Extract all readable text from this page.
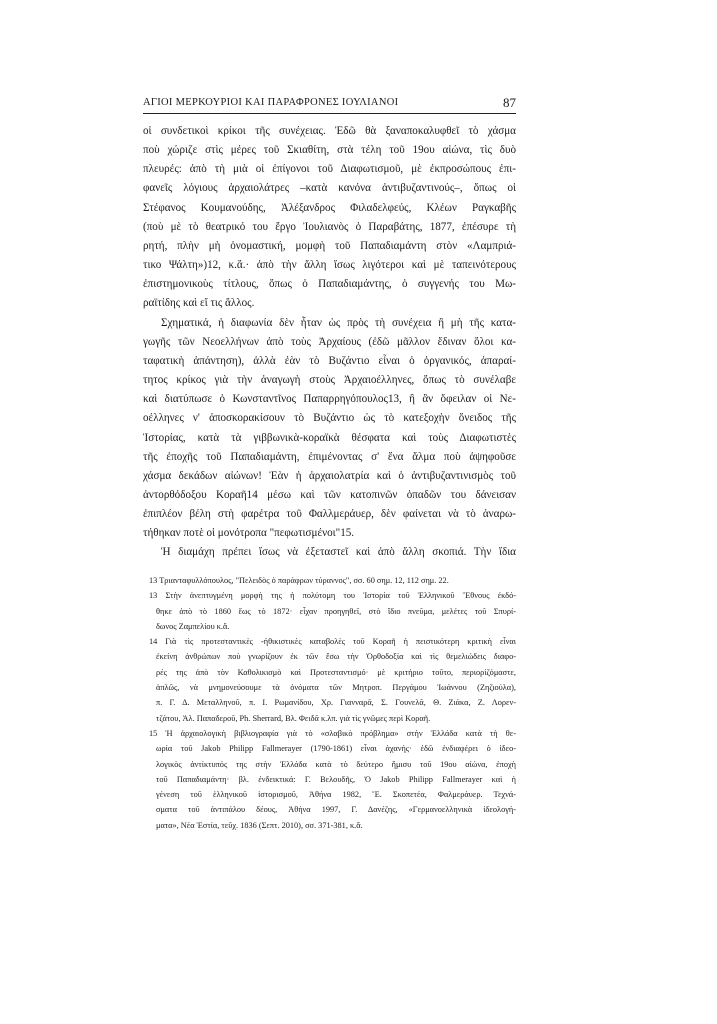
ΑΓΙΟΙ ΜΕΡΚΟΥΡΙΟΙ ΚΑΙ ΠΑΡΑΦΡΟΝΕΣ ΙΟΥΛΙΑΝΟΙ	87
οἱ συνδετικοὶ κρίκοι τῆς συνέχειας. Ἐδῶ θὰ ξαναποκαλυφθεῖ τὸ χάσμα
ποὺ χώριζε στὶς μέρες τοῦ Σκιαθίτη, στὰ τέλη τοῦ 19ου αἰώνα, τὶς δυὸ
πλευρές: ἀπὸ τὴ μιὰ οἱ ἐπίγονοι τοῦ Διαφωτισμοῦ, μὲ ἐκπροσώπους ἐπι-
φανεῖς λόγιους ἀρχαιολάτρες –κατὰ κανόνα ἀντιβυζαντινούς–, ὅπως οἱ
Στέφανος Κουμανούδης, Ἀλέξανδρος Φιλαδελφεύς, Κλέων Ραγκαβῆς
(ποὺ μὲ τὸ θεατρικό του ἔργο Ἰουλιανὸς ὁ Παραβάτης, 1877, ἐπέσυρε τὴ
ρητή, πλὴν μὴ ὀνομαστική, μομφὴ τοῦ Παπαδιαμάντη στὸν «Λαμπριά-
τικο Ψάλτη»)12, κ.ἄ.· ἀπὸ τὴν ἄλλη ἴσως λιγότεροι καὶ μὲ ταπεινότερους
ἐπιστημονικοὺς τίτλους, ὅπως ὁ Παπαδιαμάντης, ὁ συγγενής του Μω-
ραϊτίδης καὶ εἴ τις ἄλλος.
Σχηματικά, ἡ διαφωνία δὲν ἦταν ὡς πρὸς τὴ συνέχεια ἢ μὴ τῆς κατα-
γωγῆς τῶν Νεοελλήνων ἀπὸ τοὺς Ἀρχαίους (ἐδῶ μᾶλλον ἔδιναν ὅλοι κα-
ταφατικὴ ἀπάντηση), ἀλλὰ ἐὰν τὸ Βυζάντιο εἶναι ὁ ὀργανικός, ἀπαραί-
τητος κρίκος γιὰ τὴν ἀναγωγὴ στοὺς Ἀρχαιοέλληνες, ὅπως τὸ συνέλαβε
καὶ διατύπωσε ὁ Κωνσταντῖνος Παπαρρηγόπουλος13, ἢ ἂν ὄφειλαν οἱ Νε-
οέλληνες ν' ἀποσκορακίσουν τὸ Βυζάντιο ὡς τὸ κατεξοχὴν ὄνειδος τῆς
Ἱστορίας, κατὰ τὰ γιββωνικὰ-κοραϊκὰ θέσφατα καὶ τοὺς Διαφωτιστὲς
τῆς ἐποχῆς τοῦ Παπαδιαμάντη, ἐπιμένοντας σ' ἕνα ἅλμα ποὺ ἀψηφοῦσε
χάσμα δεκάδων αἰώνων! Ἐὰν ἡ ἀρχαιολατρία καὶ ὁ ἀντιβυζαντινισμὸς τοῦ
ἀντορθόδοξου Κοραῆ14 μέσω καὶ τῶν κατοπινῶν ὀπαδῶν του δάνεισαν
ἐπιπλέον βέλη στὴ φαρέτρα τοῦ Φαλλμεράυερ, δὲν φαίνεται νὰ τὸ ἀναρω-
τήθηκαν ποτὲ οἱ μονότροπα "πεφωτισμένοι"15.
Ἡ διαμάχη πρέπει ἴσως νὰ ἐξεταστεῖ καὶ ἀπὸ ἄλλη σκοπιά. Τὴν ἴδια
13 Τριανταφυλλόπουλος, "Πελειδὸς ὁ παράφρων τύραννος", σσ. 60 σημ. 12, 112 σημ. 22.
13 Στὴν ἀνεπτυγμένη μορφὴ της ἡ πολύτομη του Ἱστορία τοῦ Ἑλληνικοῦ Ἔθνους ἐκδό-
θηκε ἀπὸ τὸ 1860 ἕως τὸ 1872· εἶχαν προηγηθεῖ, στὸ ἴδιο πνεῦμα, μελέτες τοῦ Σπυρί-
δωνος Ζαμπελίου κ.ἄ.
14 Γιὰ τὶς προτεσταντικὲς -ἠθικιστικὲς καταβολὲς τοῦ Κοραῆ ἡ πειστικότερη κριτικὴ εἶναι
ἐκείνη ἀνθρώπων ποὺ γνωρίζουν ἐκ τῶν ἔσω τὴν Ὀρθοδοξία καὶ τὶς θεμελιώδεις διαφο-
ρές της ἀπὸ τὸν Καθολικισμὸ καὶ Προτεσταντισμό· μὲ κριτήριο τοῦτο, περιορίζόμαστε,
ἁπλῶς, νὰ μνημονεύσουμε τὰ ὀνόματα τῶν Μητροπ. Περγάμου Ἰωάννου (Ζηζιούλα),
π. Γ. Δ. Μεταλληνοῦ, π. Ι. Ρωμανίδου, Χρ. Γιανναρᾶ, Σ. Γουνελᾶ, Θ. Ζιάκα, Ζ. Λορεν-
τζάτου, Ἀλ. Παπαδεροῦ, Ph. Sherrard, Βλ. Φειδᾶ κ.λπ. γιὰ τὶς γνῶμες περὶ Κοραῆ.
15 Ἡ ἀρχαιολογικὴ βιβλιογραφία γιὰ τὸ «σλαβικὸ πρόβλημα» στὴν Ἑλλάδα κατὰ τὴ θε-
ωρία τοῦ Jakob Philipp Fallmerayer (1790-1861) εἶναι ἀχανής· ἐδῶ ἐνδιαφέρει ὁ ἰδεο-
λογικὸς ἀντίκτυπός της στὴν Ἑλλάδα κατὰ τὸ δεύτερο ἥμισυ τοῦ 19ου αἰώνα, ἐποχὴ
τοῦ Παπαδιαμάντη· βλ. ἐνδεικτικά: Γ. Βελουδῆς, Ὁ Jakob Philipp Fallmerayer καὶ ἡ
γένεση τοῦ ἑλληνικοῦ ἱστορισμοῦ, Ἀθήνα 1982, Ἔ. Σκοπετέα, Φαλμεράυερ. Τεχνά-
σματα τοῦ ἀντιπάλου δέους, Ἀθήνα 1997, Γ. Δανέζης, «Γερμανοελληνικὰ ἰδεολογή-
ματα», Νέα Ἑστία, τεῦχ. 1836 (Σεπτ. 2010), σσ. 371-381, κ.ἄ.
